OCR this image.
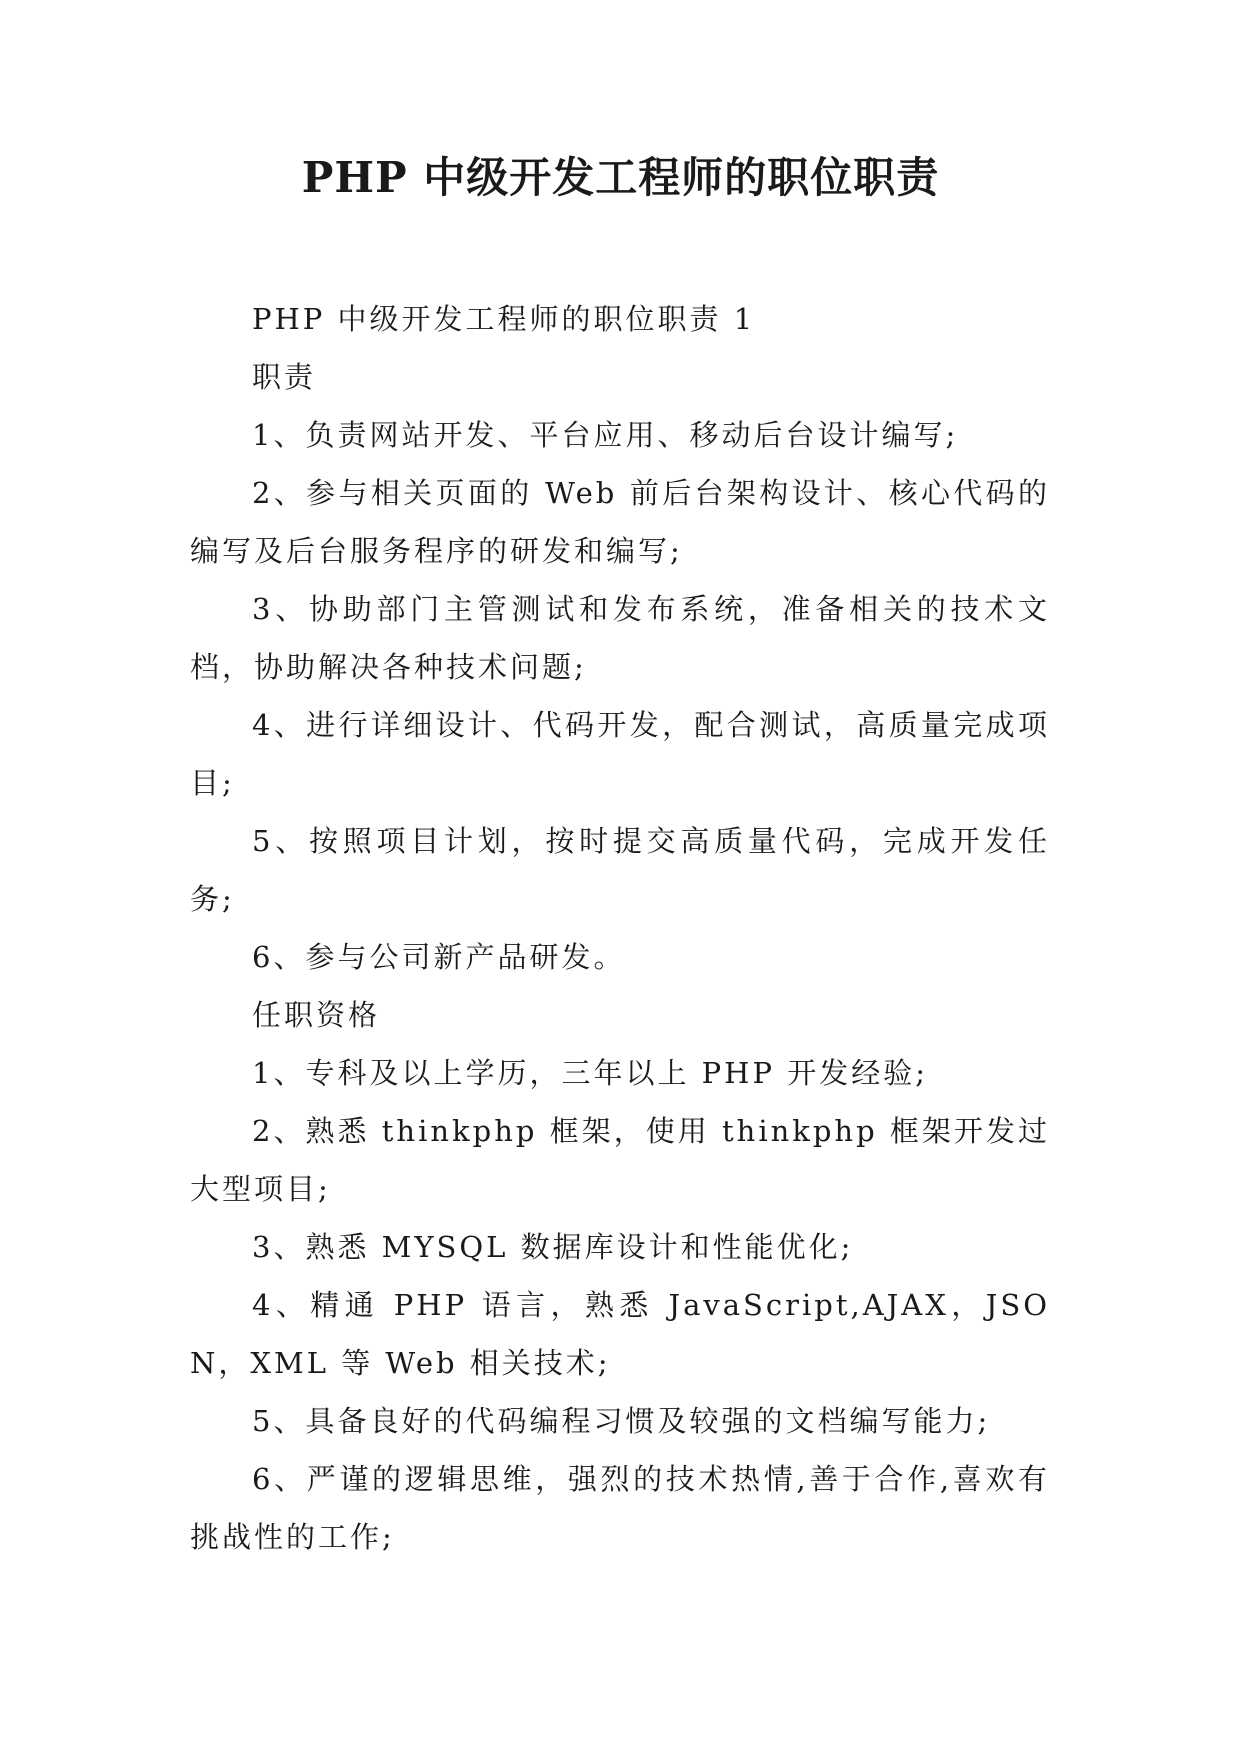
PHP 中级开发工程师的职位职责

PHP 中级开发工程师的职位职责 1

职责

1、负责网站开发、平台应用、移动后台设计编写;

2、参与相关页面的 Web 前后台架构设计、核心代码的编写及后台服务程序的研发和编写;

3、协助部门主管测试和发布系统，准备相关的技术文档，协助解决各种技术问题;

4、进行详细设计、代码开发，配合测试，高质量完成项目;

5、按照项目计划，按时提交高质量代码，完成开发任务;

6、参与公司新产品研发。

任职资格

1、专科及以上学历，三年以上 PHP 开发经验;

2、熟悉 thinkphp 框架，使用 thinkphp 框架开发过大型项目;

3、熟悉 MYSQL 数据库设计和性能优化;

4、精通 PHP 语言，熟悉 JavaScript,AJAX，JSON，XML 等 Web 相关技术;

5、具备良好的代码编程习惯及较强的文档编写能力;

6、严谨的逻辑思维，强烈的技术热情,善于合作,喜欢有挑战性的工作;
